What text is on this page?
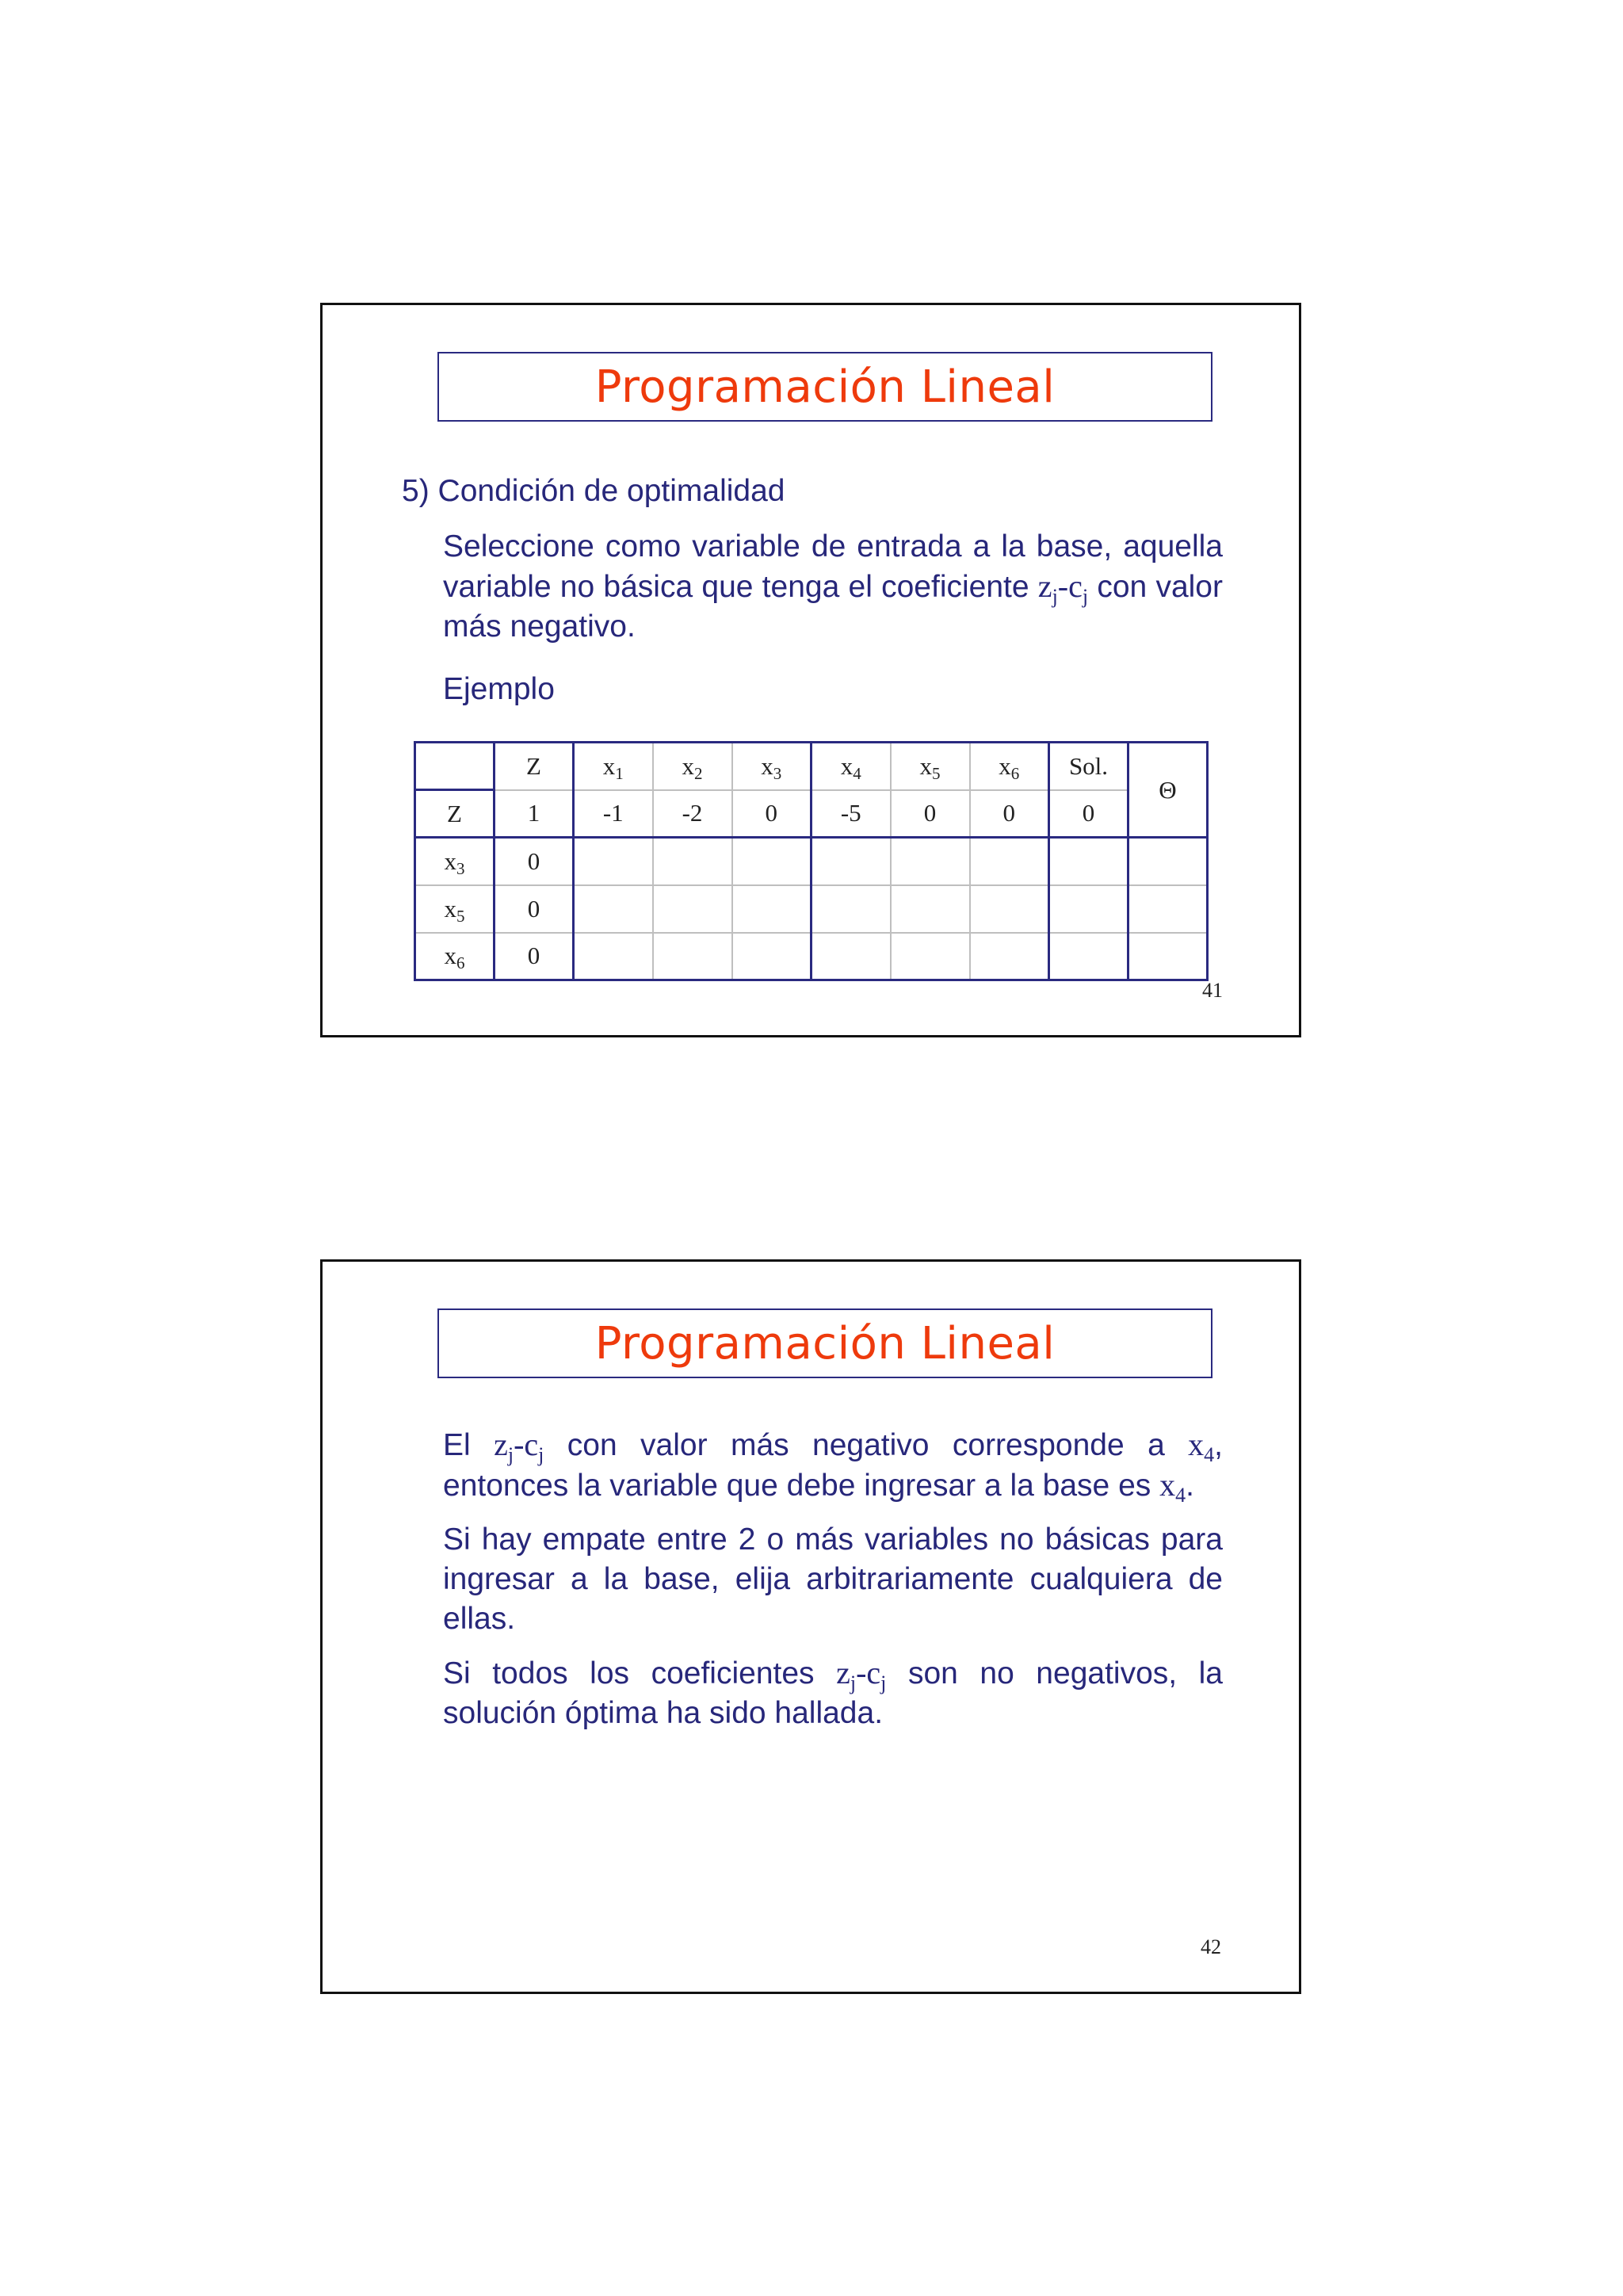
Programación Lineal
5) Condición de optimalidad

Seleccione como variable de entrada a la base, aquella variable no básica que tenga el coeficiente $z_j-c_j$ con valor más negativo.

Ejemplo
	Z	$x_1$	$x_2$	$x_3$	$x_4$	$x_5$	$x_6$	Sol.	Θ
Z	1	-1	-2	0	-5	0	0	0	
$x_3$	0								
$x_5$	0								
$x_6$	0								
41
Programación Lineal

El $z_j-c_j$ con valor más negativo corresponde a $x_4$, entonces la variable que debe ingresar a la base es $x_4$.

Si hay empate entre 2 o más variables no básicas para ingresar a la base, elija arbitrariamente cualquiera de ellas.

Si todos los coeficientes $z_j-c_j$ son no negativos, la solución óptima ha sido hallada.

42
